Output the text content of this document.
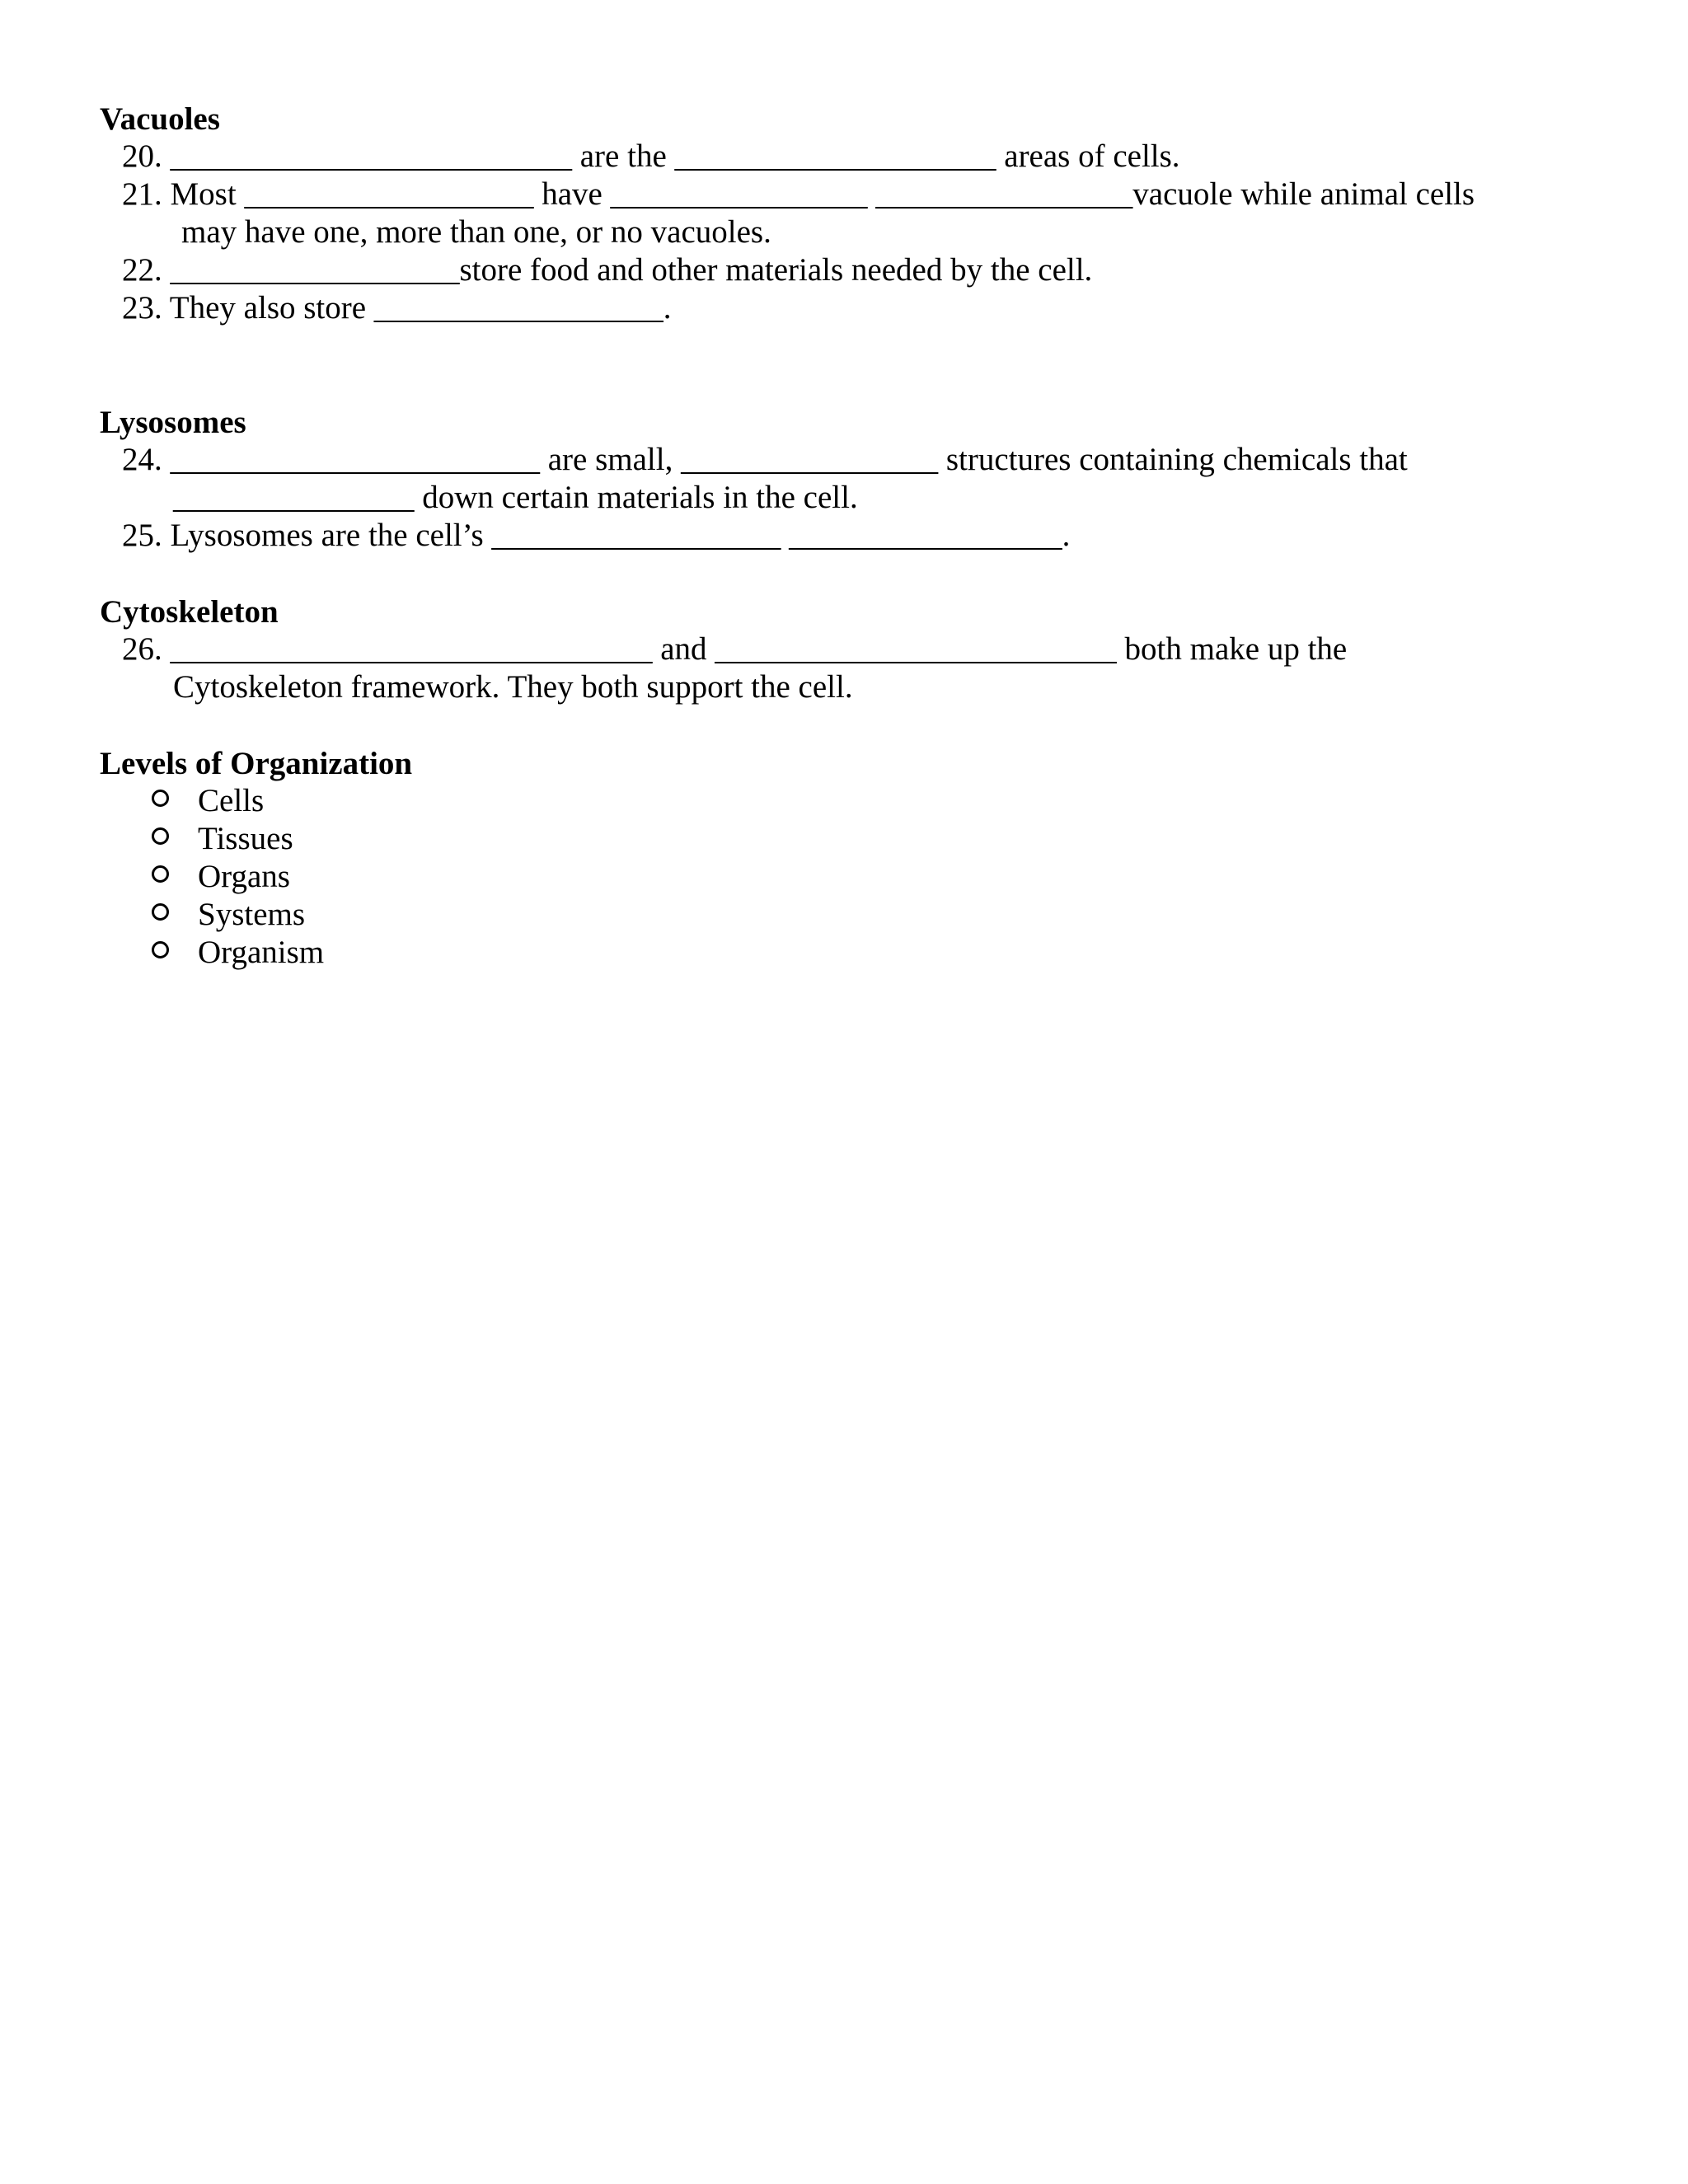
Vacuoles
20. _________________________ are the ____________________ areas of cells.
21. Most __________________ have ________________ ________________vacuole while animal cells
may have one, more than one, or no vacuoles.
22. __________________store food and other materials needed by the cell.
23. They also store __________________.
Lysosomes
24. _______________________ are small, ________________ structures containing chemicals that
_______________ down certain materials in the cell.
25. Lysosomes are the cell’s __________________ _________________.
Cytoskeleton
26. ______________________________ and _________________________ both make up the
Cytoskeleton framework. They both support the cell.
Levels of Organization
Cells
Tissues
Organs
Systems
Organism
